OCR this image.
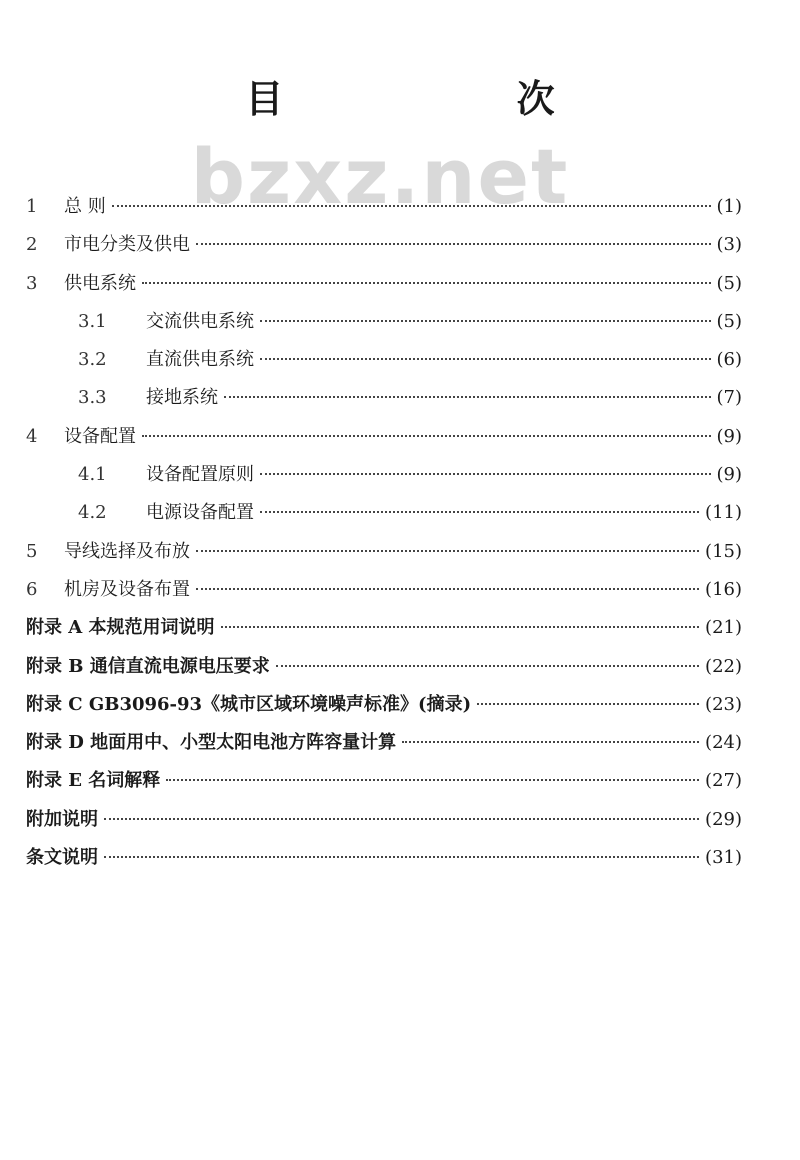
目 次
bzxz.net
1	总 则	(1)
2	市电分类及供电	(3)
3	供电系统	(5)
3.1	交流供电系统	(5)
3.2	直流供电系统	(6)
3.3	接地系统	(7)
4	设备配置	(9)
4.1	设备配置原则	(9)
4.2	电源设备配置	(11)
5	导线选择及布放	(15)
6	机房及设备布置	(16)
附录 A 本规范用词说明	(21)
附录 B 通信直流电源电压要求	(22)
附录 C GB3096-93《城市区域环境噪声标准》(摘录)	(23)
附录 D 地面用中、小型太阳电池方阵容量计算	(24)
附录 E 名词解释	(27)
附加说明	(29)
条文说明	(31)
